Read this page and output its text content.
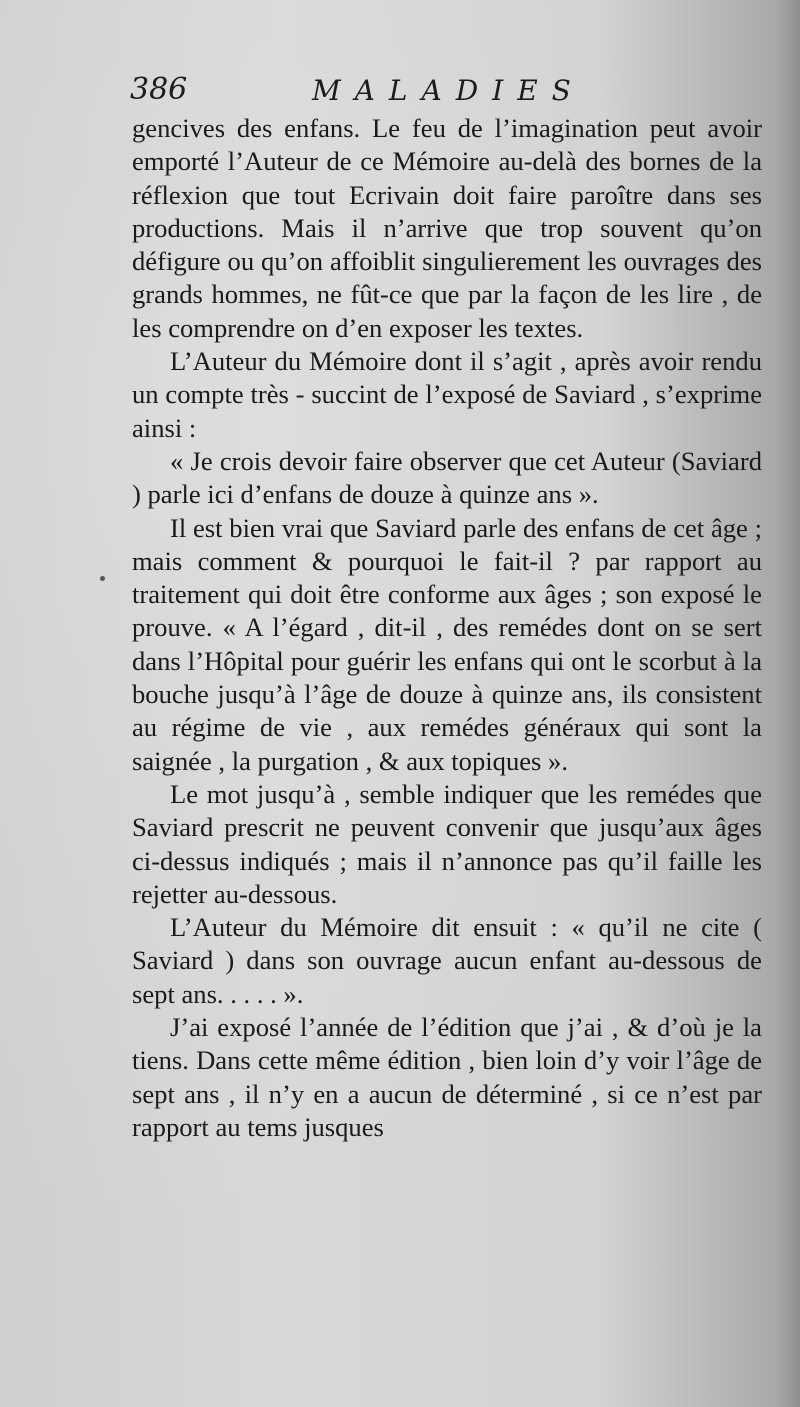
386	MALADIES

gencives des enfans. Le feu de l’imagination peut avoir emporté l’Auteur de ce Mémoire au-delà des bornes de la réflexion que tout Ecrivain doit faire paroître dans ses productions. Mais il n’arrive que trop souvent qu’on défigure ou qu’on affoiblit singulierement les ouvrages des grands hommes, ne fût-ce que par la façon de les lire , de les comprendre on d’en exposer les textes.

L’Auteur du Mémoire dont il s’agit , après avoir rendu un compte très - succint de l’exposé de Saviard , s’exprime ainsi :

« Je crois devoir faire observer que cet Auteur (Saviard ) parle ici d’enfans de douze à quinze ans ».

Il est bien vrai que Saviard parle des enfans de cet âge ; mais comment & pourquoi le fait-il ? par rapport au traitement qui doit être conforme aux âges ; son exposé le prouve. « A l’égard , dit-il , des remédes dont on se sert dans l’Hôpital pour guérir les enfans qui ont le scorbut à la bouche jusqu’à l’âge de douze à quinze ans, ils consistent au régime de vie , aux remédes généraux qui sont la saignée , la purgation , & aux topiques ».

Le mot jusqu’à , semble indiquer que les remédes que Saviard prescrit ne peuvent convenir que jusqu’aux âges ci-dessus indiqués ; mais il n’annonce pas qu’il faille les rejetter au-dessous.

L’Auteur du Mémoire dit ensuit : « qu’il ne cite ( Saviard ) dans son ouvrage aucun enfant au-dessous de sept ans. . . . . ».

J’ai exposé l’année de l’édition que j’ai , & d’où je la tiens. Dans cette même édition , bien loin d’y voir l’âge de sept ans , il n’y en a aucun de déterminé , si ce n’est par rapport au tems jusques
